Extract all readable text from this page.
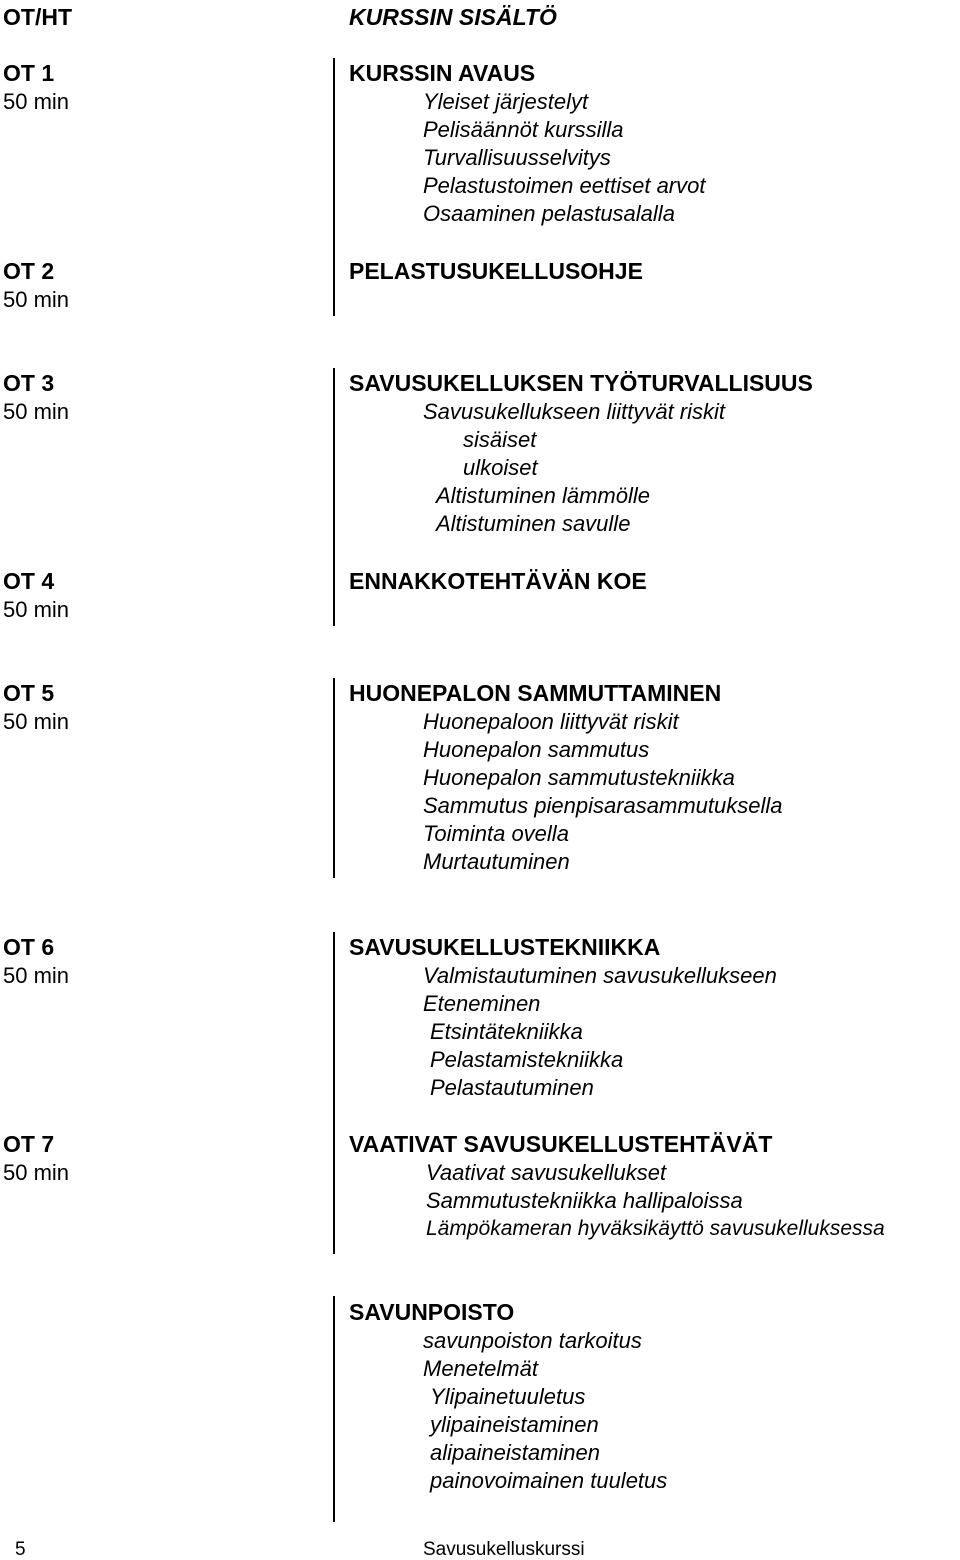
OT/HT	KURSSIN SISÄLTÖ
OT 1
50 min
KURSSIN AVAUS
Yleiset järjestelyt
Pelisäännöt kurssilla
Turvallisuusselvitys
Pelastustoimen eettiset arvot
Osaaminen pelastusalalla
OT 2
50 min
PELASTUSUKELLUSOHJE
OT 3
50 min
SAVUSUKELLUKSEN TYÖTURVALLISUUS
Savusukellukseen liittyvät riskit
sisäiset
ulkoiset
Altistuminen lämmölle
Altistuminen savulle
OT 4
50 min
ENNAKKOTEHTÄVÄN KOE
OT 5
50 min
HUONEPALON SAMMUTTAMINEN
Huonepaloon liittyvät riskit
Huonepalon sammutus
Huonepalon sammutustekniikka
Sammutus pienpisarasammutuksella
Toiminta ovella
Murtautuminen
OT 6
50 min
SAVUSUKELLUSTEKNIIKKA
Valmistautuminen savusukellukseen
Eteneminen
Etsintätekniikka
Pelastamistekniikka
Pelastautuminen
OT 7
50 min
VAATIVAT SAVUSUKELLUSTEHTÄVÄT
Vaativat savusukellukset
Sammutustekniikka hallipaloissa
Lämpökameran hyväksikäyttö savusukelluksessa
SAVUNPOISTO
savunpoiston tarkoitus
Menetelmät
Ylipainetuuletus
ylipaineistaminen
alipaineistaminen
painovoimainen tuuletus
5	Savusukelluskurssi
